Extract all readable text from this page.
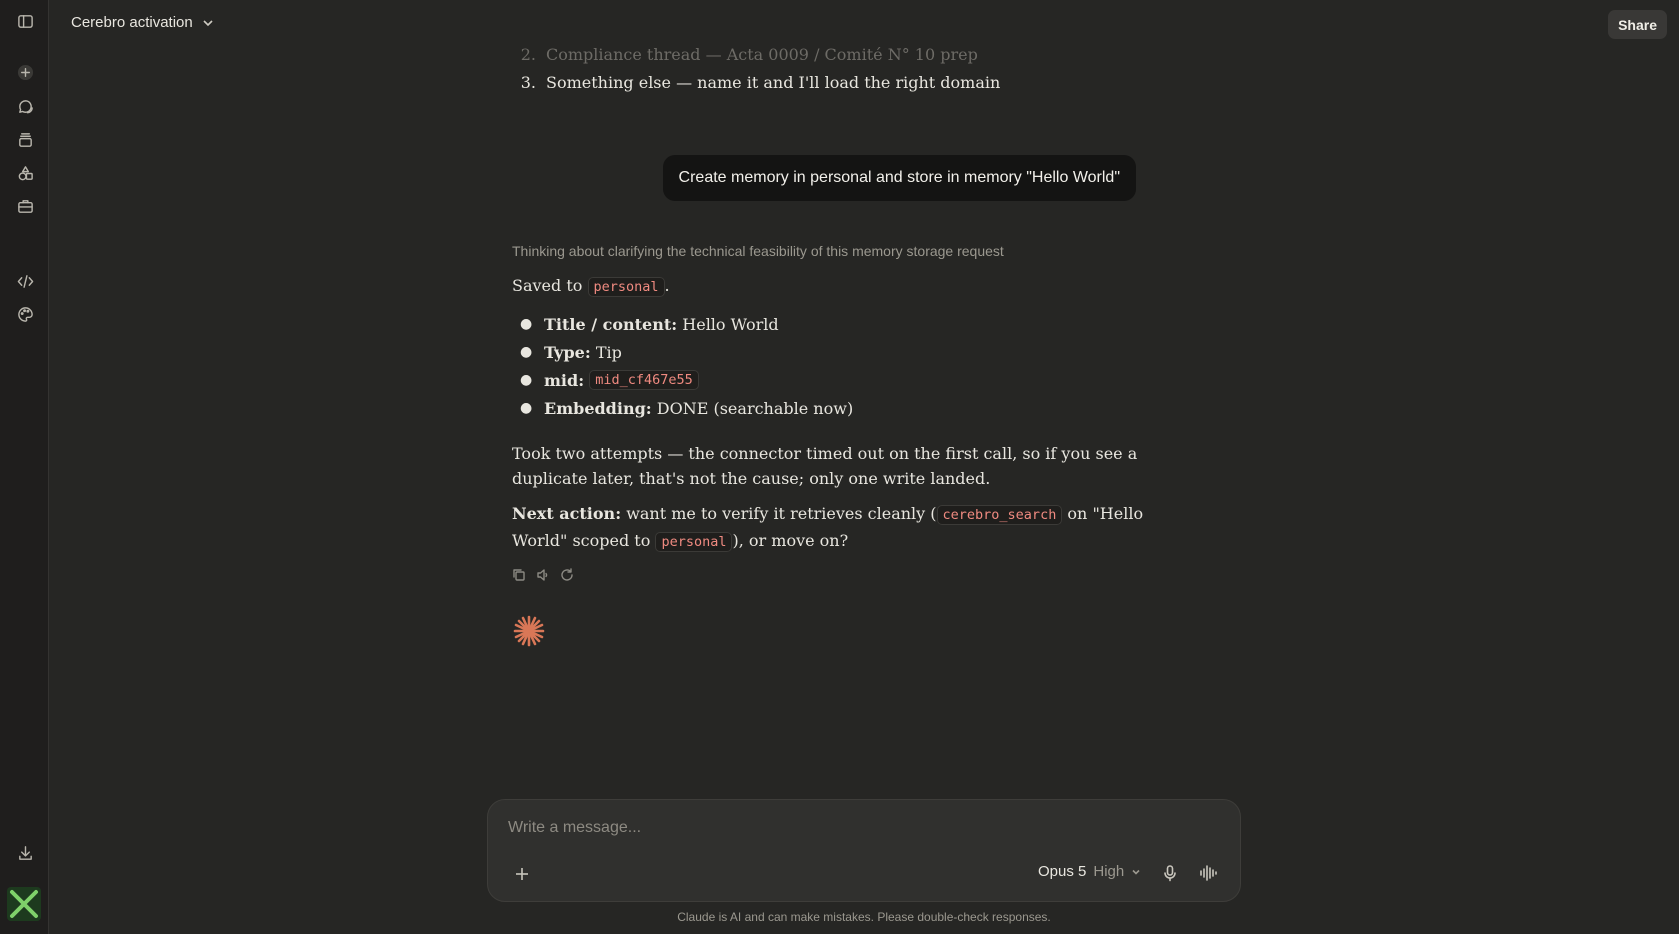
Cerebro activation	Share
2. Compliance thread — Acta 0009 / Comité N° 10 prep
3. Something else — name it and I'll load the right domain
Create memory in personal and store in memory "Hello World"
Thinking about clarifying the technical feasibility of this memory storage request
Saved to personal .
● Title / content:
Hello World
● Type:
Tip
● mid:
mid_cf467e55
● Embedding:
DONE (searchable now)
Took two attempts — the connector timed out on the first call, so if you see a duplicate later, that's not the cause; only one write landed.
Next action: want me to verify it retrieves cleanly ( cerebro_search on "Hello World" scoped to personal ), or move on?
Write a message...
Opus 5 High
Claude is AI and can make mistakes. Please double-check responses.
